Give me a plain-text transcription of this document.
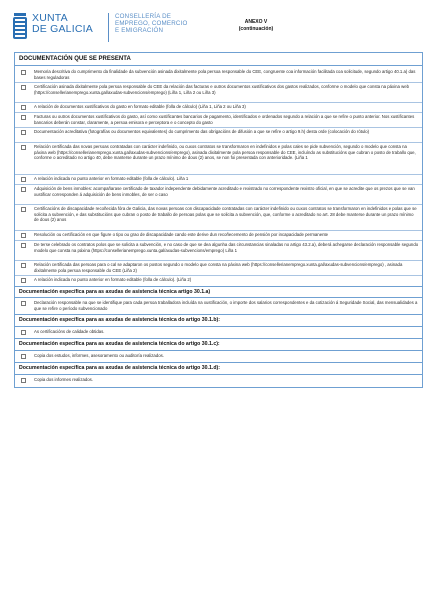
XUNTA
DE GALICIA
CONSELLERÍA DE
EMPREGO, COMERCIO
E EMIGRACIÓN
ANEXO V
(continuación)
DOCUMENTACIÓN QUE SE PRESENTA
Memoria descritiva do cumprimento da finalidade da subvención asinada dixitalmente pola persoa responsable do CEE, congruente coa información facilitada coa solicitude, segundo artigo 40.1.a) das bases reguladoras
Certificación asinada dixitalmente pola persoa responsable do CEE da relación das facturas e outros documentos xustificativos dos gastos realizados, conforme o modelo que consta na páxina web (https://consellerianemprego.xunta.gal/axudas-subvencions/emprego) (Liña 1, Liña 2 ou Liña 3)
A relación de documentos xustificativos do gasto en formato editable (folla de cálculo) (Liña 1, Liña 2 ou Liña 3)
Facturas ou outros documentos xustificativos do gasto, así como xustificantes bancarios de pagamento, identificados e ordenados segundo a relación a que se refire o punto anterior. Nos xustificantes bancarios deberán constar, claramente, a persoa emisora e perceptora e o concepto do gasto
Documentación acreditativa (fotografías ou documentos equivalentes) do cumprimento das obrigacións de difusión a que se refire o artigo 9.h) desta orde (colocación do rótulo)
Relación certificada das novas persoas contratadas con carácter indefinido, ou cuxos contratos se transformaron en indefinidos e polas cales se pide subvención, segundo o modelo que consta na páxina web (https://consellerianemprego.xunta.gal/axudas-subvencions/emprego), asinada dixitalmente pola persoa responsable do CEE, incluíndo as substitucións que cubran o posto de traballo que, conforme o acreditado no artigo 40, debe manterse durante un prazo mínimo de dous (2) anos, se non foi presentada con anterioridade. (Liña 1
A relación indicada no punto anterior en formato editable (folla de cálculo). Liña 1
Adquisición de bens inmobles: acompañarase certificado de taxador independente debidamente acreditado e rexistrado no correspondente rexistro oficial, en que se acredite que os prezos que se van xustificar corresponden á adquisición de bens inmobles, de ser o caso
Certificacións de discapacidade recoñecida fóra de Galicia, das novas persoas con discapacidade contratadas con carácter indefinido ou cuxos contratos se transformaron en indefinidos e polas que se solicita a subvención, e das substitucións que cubran o posto de traballo de persoas polas que se solicita a subvención, que, conforme o acreditado no art. 28 debe manterse durante un prazo mínimo de dous (2) anos
Resolución ou certificación en que figure o tipo ou grao de discapacidade cando este derive dun recoñecemento de pensión por incapacidade permanente
De terse celebrado os contratos polos que se solicita a subvención, e no caso de que se dea algunha das circunstancias sinaladas no artigo 43.2.a), deberá achegarse declaración responsable segundo modelo que consta na páxina (https://consellerianemprego.xunta.gal/axudas-subvencions/emprego) Liña 1
Relación certificada das persoas para o cal se adaptaron os postos segundo o modelo que consta na páxina web (https://consellerianemprego.xunta.gal/axudas-subvencions/emprego) , asinada dixitalmente pola persoa responsable do CEE (Liña 2)
A relación indicada no punto anterior en formato editable (folla de cálculo). (Liña 2)
Documentación específica para as axudas de asistencia técnica artigo 30.1.a)
Declaración responsable na que se identifique para cada persoa traballadora incluída na xustificación, o importe dos salarios correspondentes e da cotización á Seguridade Social, das mensualidades a que se refire o período subvencionado
Documentación específica para as axudas de asistencia técnica do artigo 30.1.b):
As certificacións de calidade obtidas.
Documentación específica para as axudas de asistencia técnica do artigo 30.1.c):
Copia dos estudos, informes, asesoramento ou auditoría realizados.
Documentación específica para as axudas de asistencia técnica do artigo 30.1.d):
Copia dos informes realizados.
